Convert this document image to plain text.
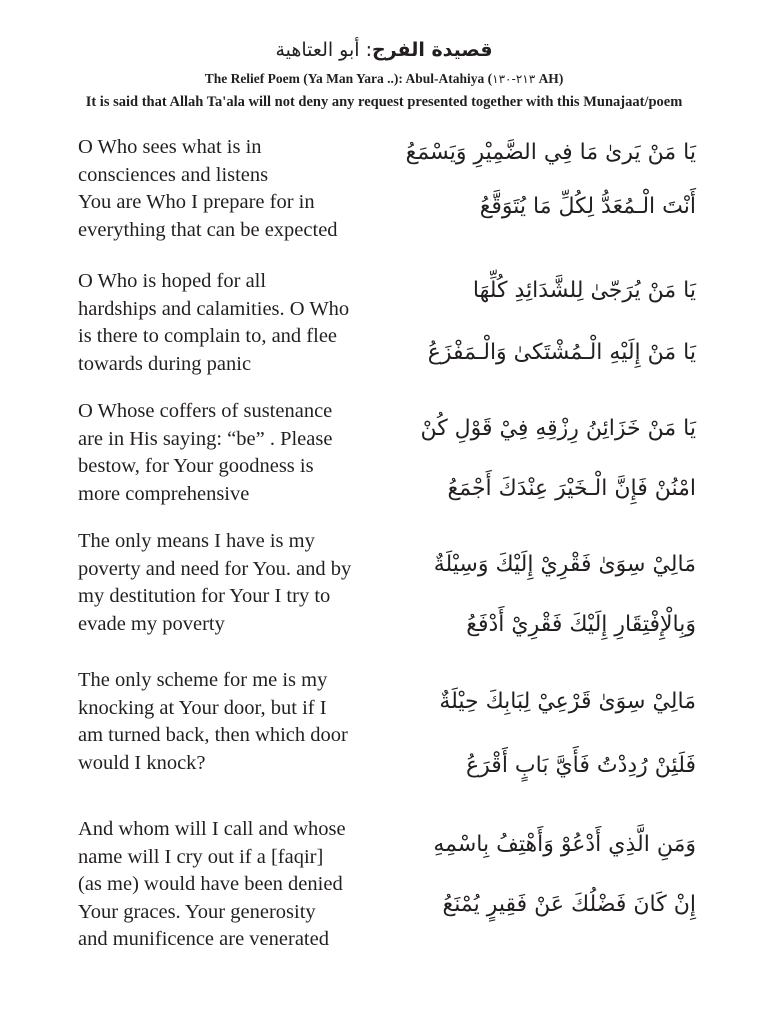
قصيدة الفرج: أبو العتاهية
The Relief Poem (Ya Man Yara ..): Abul-Atahiya (٢١٣-١٣٠ AH)
It is said that Allah Ta'ala will not deny any request presented together with this Munajaat/poem
O Who sees what is in
consciences and listens
You are Who I prepare for in
everything that can be expected
يَا مَنْ يَرىٰ مَا فِي الضَّمِيْرِ وَيَسْمَعُ
أَنْتَ الْـمُعَدُّ لِكُلِّ مَا يُتَوَقَّعُ
O Who is hoped for all
hardships and calamities. O Who
is there to complain to, and flee
towards during panic
يَا مَنْ يُرَجّىٰ لِلشَّدَائِدِ كُلِّهَا
يَا مَنْ إِلَيْهِ الْـمُشْتَكىٰ وَالْـمَفْزَعُ
O Whose coffers of sustenance
are in His saying: “be” . Please
bestow, for Your goodness is
more comprehensive
يَا مَنْ خَزَائِنُ رِزْقِهِ فِيْ قَوْلِ كُنْ
امْنُنْ فَإِنَّ الْـخَيْرَ عِنْدَكَ أَجْمَعُ
The only means I have is my
poverty and need for You. and by
my destitution for Your I try to
evade my poverty
مَالِيْ سِوَىٰ فَقْرِيْ إِلَيْكَ وَسِيْلَةٌ
وَبِالْإِفْتِقَارِ إِلَيْكَ فَقْرِيْ أَدْفَعُ
The only scheme for me is my
knocking at Your door, but if I
am turned back, then which door
would I knock?
مَالِيْ سِوَىٰ قَرْعِيْ لِبَابِكَ حِيْلَةٌ
فَلَئِنْ رُدِدْتُ فَأَيَّ بَابٍ أَقْرَعُ
And whom will I call and whose
name will I cry out if a [faqir]
(as me) would have been denied
Your graces. Your generosity
and munificence are venerated
وَمَنِ الَّذِي أَدْعُوْ وَأَهْتِفُ بِاسْمِهِ
إِنْ كَانَ فَضْلُكَ عَنْ فَقِيرٍ يُمْنَعُ
